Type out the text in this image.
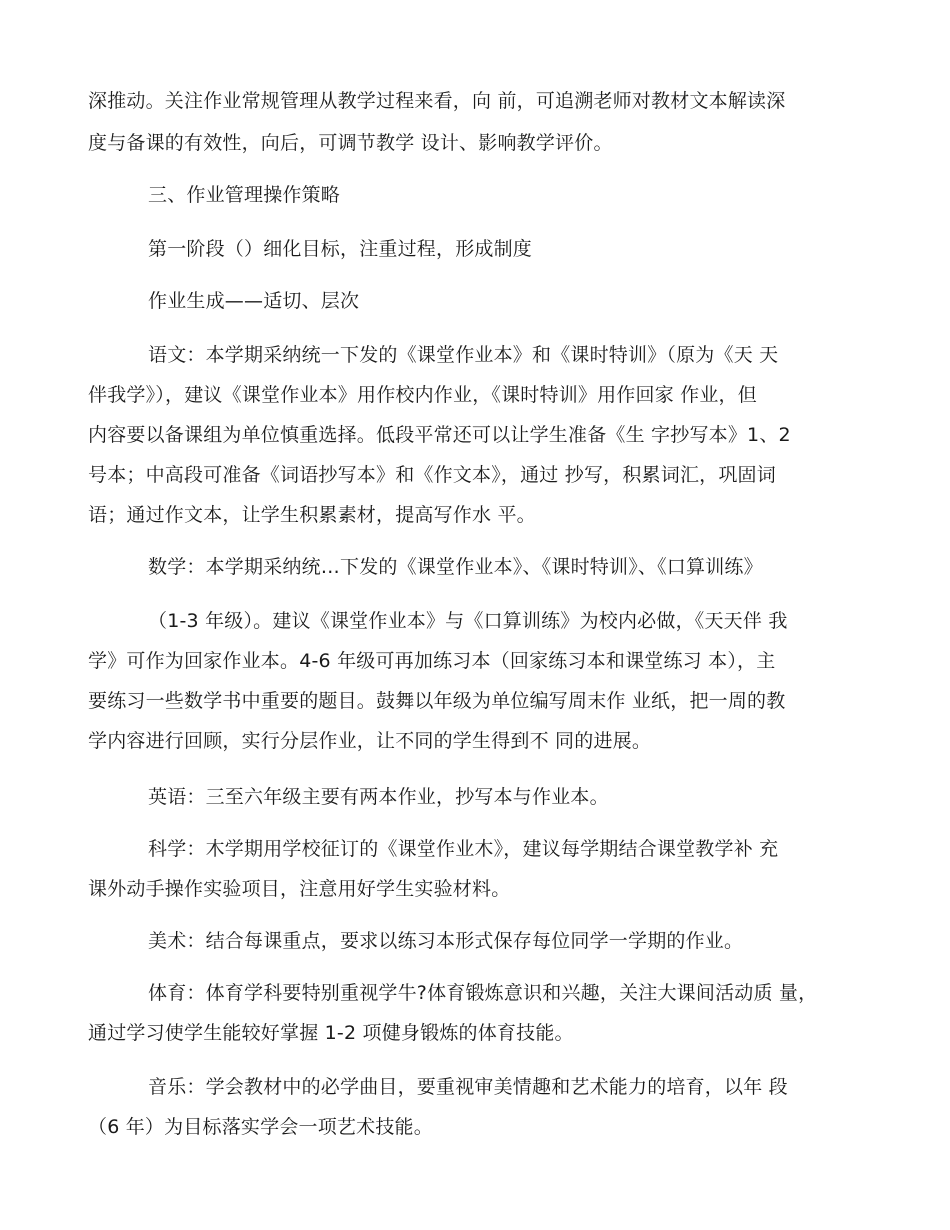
深推动。关注作业常规管理从教学过程来看，向 前，可追溯老师对教材文本解读深
度与备课的有效性，向后，可调节教学 设计、影响教学评价。
三、作业管理操作策略
第一阶段（）细化目标，注重过程，形成制度
作业生成——适切、层次
语文：本学期采纳统一下发的《课堂作业本》和《课时特训》（原为《天 天
伴我学》），建议《课堂作业本》用作校内作业，《课时特训》用作回家 作业，但
内容要以备课组为单位慎重选择。低段平常还可以让学生准备《生 字抄写本》1、2
号本；中高段可准备《词语抄写本》和《作文本》，通过 抄写，积累词汇，巩固词
语；通过作文本，让学生积累素材，提高写作水 平。
数学：本学期采纳统…下发的《课堂作业本》、《课时特训》、《口算训练》
（1-3 年级）。建议《课堂作业本》与《口算训练》为校内必做，《天天伴 我
学》可作为回家作业本。4-6 年级可再加练习本（回家练习本和课堂练习 本），主
要练习一些数学书中重要的题目。鼓舞以年级为单位编写周末作 业纸，把一周的教
学内容进行回顾，实行分层作业，让不同的学生得到不 同的进展。
英语：三至六年级主要有两本作业，抄写本与作业本。
科学：木学期用学校征订的《课堂作业木》，建议每学期结合课堂教学补 充
课外动手操作实验项目，注意用好学生实验材料。
美术：结合每课重点，要求以练习本形式保存每位同学一学期的作业。
体育：体育学科要特别重视学牛?体育锻炼意识和兴趣，关注大课间活动质 量，
通过学习使学生能较好掌握 1-2 项健身锻炼的体育技能。
音乐：学会教材中的必学曲目，要重视审美情趣和艺术能力的培育，以年 段
（6 年）为目标落实学会一项艺术技能。
